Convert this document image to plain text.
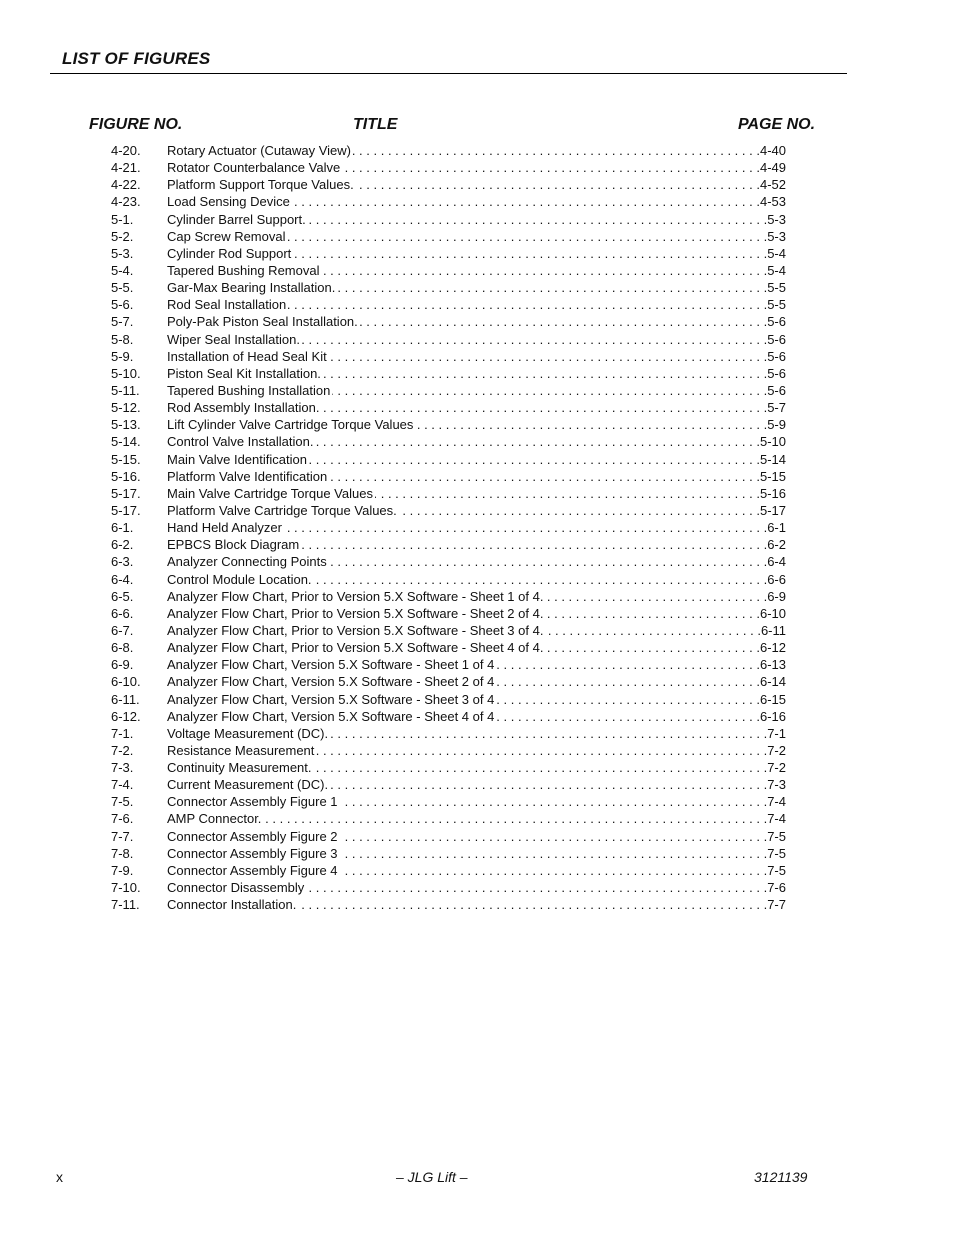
LIST OF FIGURES
FIGURE NO.	TITLE	PAGE NO.
4-20.	Rotary Actuator (Cutaway View) . . .	4-40
4-21.	Rotator Counterbalance Valve . . .	4-49
4-22.	Platform Support Torque Values. . . .	4-52
4-23.	Load Sensing Device . . .	4-53
5-1.	Cylinder Barrel Support. . . .	5-3
5-2.	Cap Screw Removal . . .	5-3
5-3.	Cylinder Rod Support . . .	5-4
5-4.	Tapered Bushing Removal . . .	5-4
5-5.	Gar-Max Bearing Installation. . . .	5-5
5-6.	Rod Seal Installation . . .	5-5
5-7.	Poly-Pak Piston Seal Installation. . . .	5-6
5-8.	Wiper Seal Installation. . . .	5-6
5-9.	Installation of Head Seal Kit . . .	5-6
5-10.	Piston Seal Kit Installation. . . .	5-6
5-11.	Tapered Bushing Installation . . .	5-6
5-12.	Rod Assembly Installation. . . .	5-7
5-13.	Lift Cylinder Valve Cartridge Torque Values . . .	5-9
5-14.	Control Valve Installation. . . .	5-10
5-15.	Main Valve Identification . . .	5-14
5-16.	Platform Valve Identification . . .	5-15
5-17.	Main Valve Cartridge Torque Values . . .	5-16
5-17.	Platform Valve Cartridge Torque Values. . . .	5-17
6-1.	Hand Held Analyzer . . .	6-1
6-2.	EPBCS Block Diagram . . .	6-2
6-3.	Analyzer Connecting Points . . .	6-4
6-4.	Control Module Location. . . .	6-6
6-5.	Analyzer Flow Chart, Prior to Version 5.X Software - Sheet 1 of 4. . . .	6-9
6-6.	Analyzer Flow Chart, Prior to Version 5.X Software - Sheet 2 of 4. . . .	6-10
6-7.	Analyzer Flow Chart, Prior to Version 5.X Software - Sheet 3 of 4. . . .	6-11
6-8.	Analyzer Flow Chart, Prior to Version 5.X Software - Sheet 4 of 4. . . .	6-12
6-9.	Analyzer Flow Chart, Version 5.X Software - Sheet 1 of 4 . . .	6-13
6-10.	Analyzer Flow Chart, Version 5.X Software - Sheet 2 of 4 . . .	6-14
6-11.	Analyzer Flow Chart, Version 5.X Software - Sheet 3 of 4 . . .	6-15
6-12.	Analyzer Flow Chart, Version 5.X Software - Sheet 4 of 4 . . .	6-16
7-1.	Voltage Measurement (DC). . . .	7-1
7-2.	Resistance Measurement . . .	7-2
7-3.	Continuity Measurement. . . .	7-2
7-4.	Current Measurement (DC). . . .	7-3
7-5.	Connector Assembly Figure 1 . . .	7-4
7-6.	AMP Connector. . . .	7-4
7-7.	Connector Assembly Figure 2 . . .	7-5
7-8.	Connector Assembly Figure 3 . . .	7-5
7-9.	Connector Assembly Figure 4 . . .	7-5
7-10.	Connector Disassembly . . .	7-6
7-11.	Connector Installation. . . .	7-7
x	– JLG Lift –	3121139
